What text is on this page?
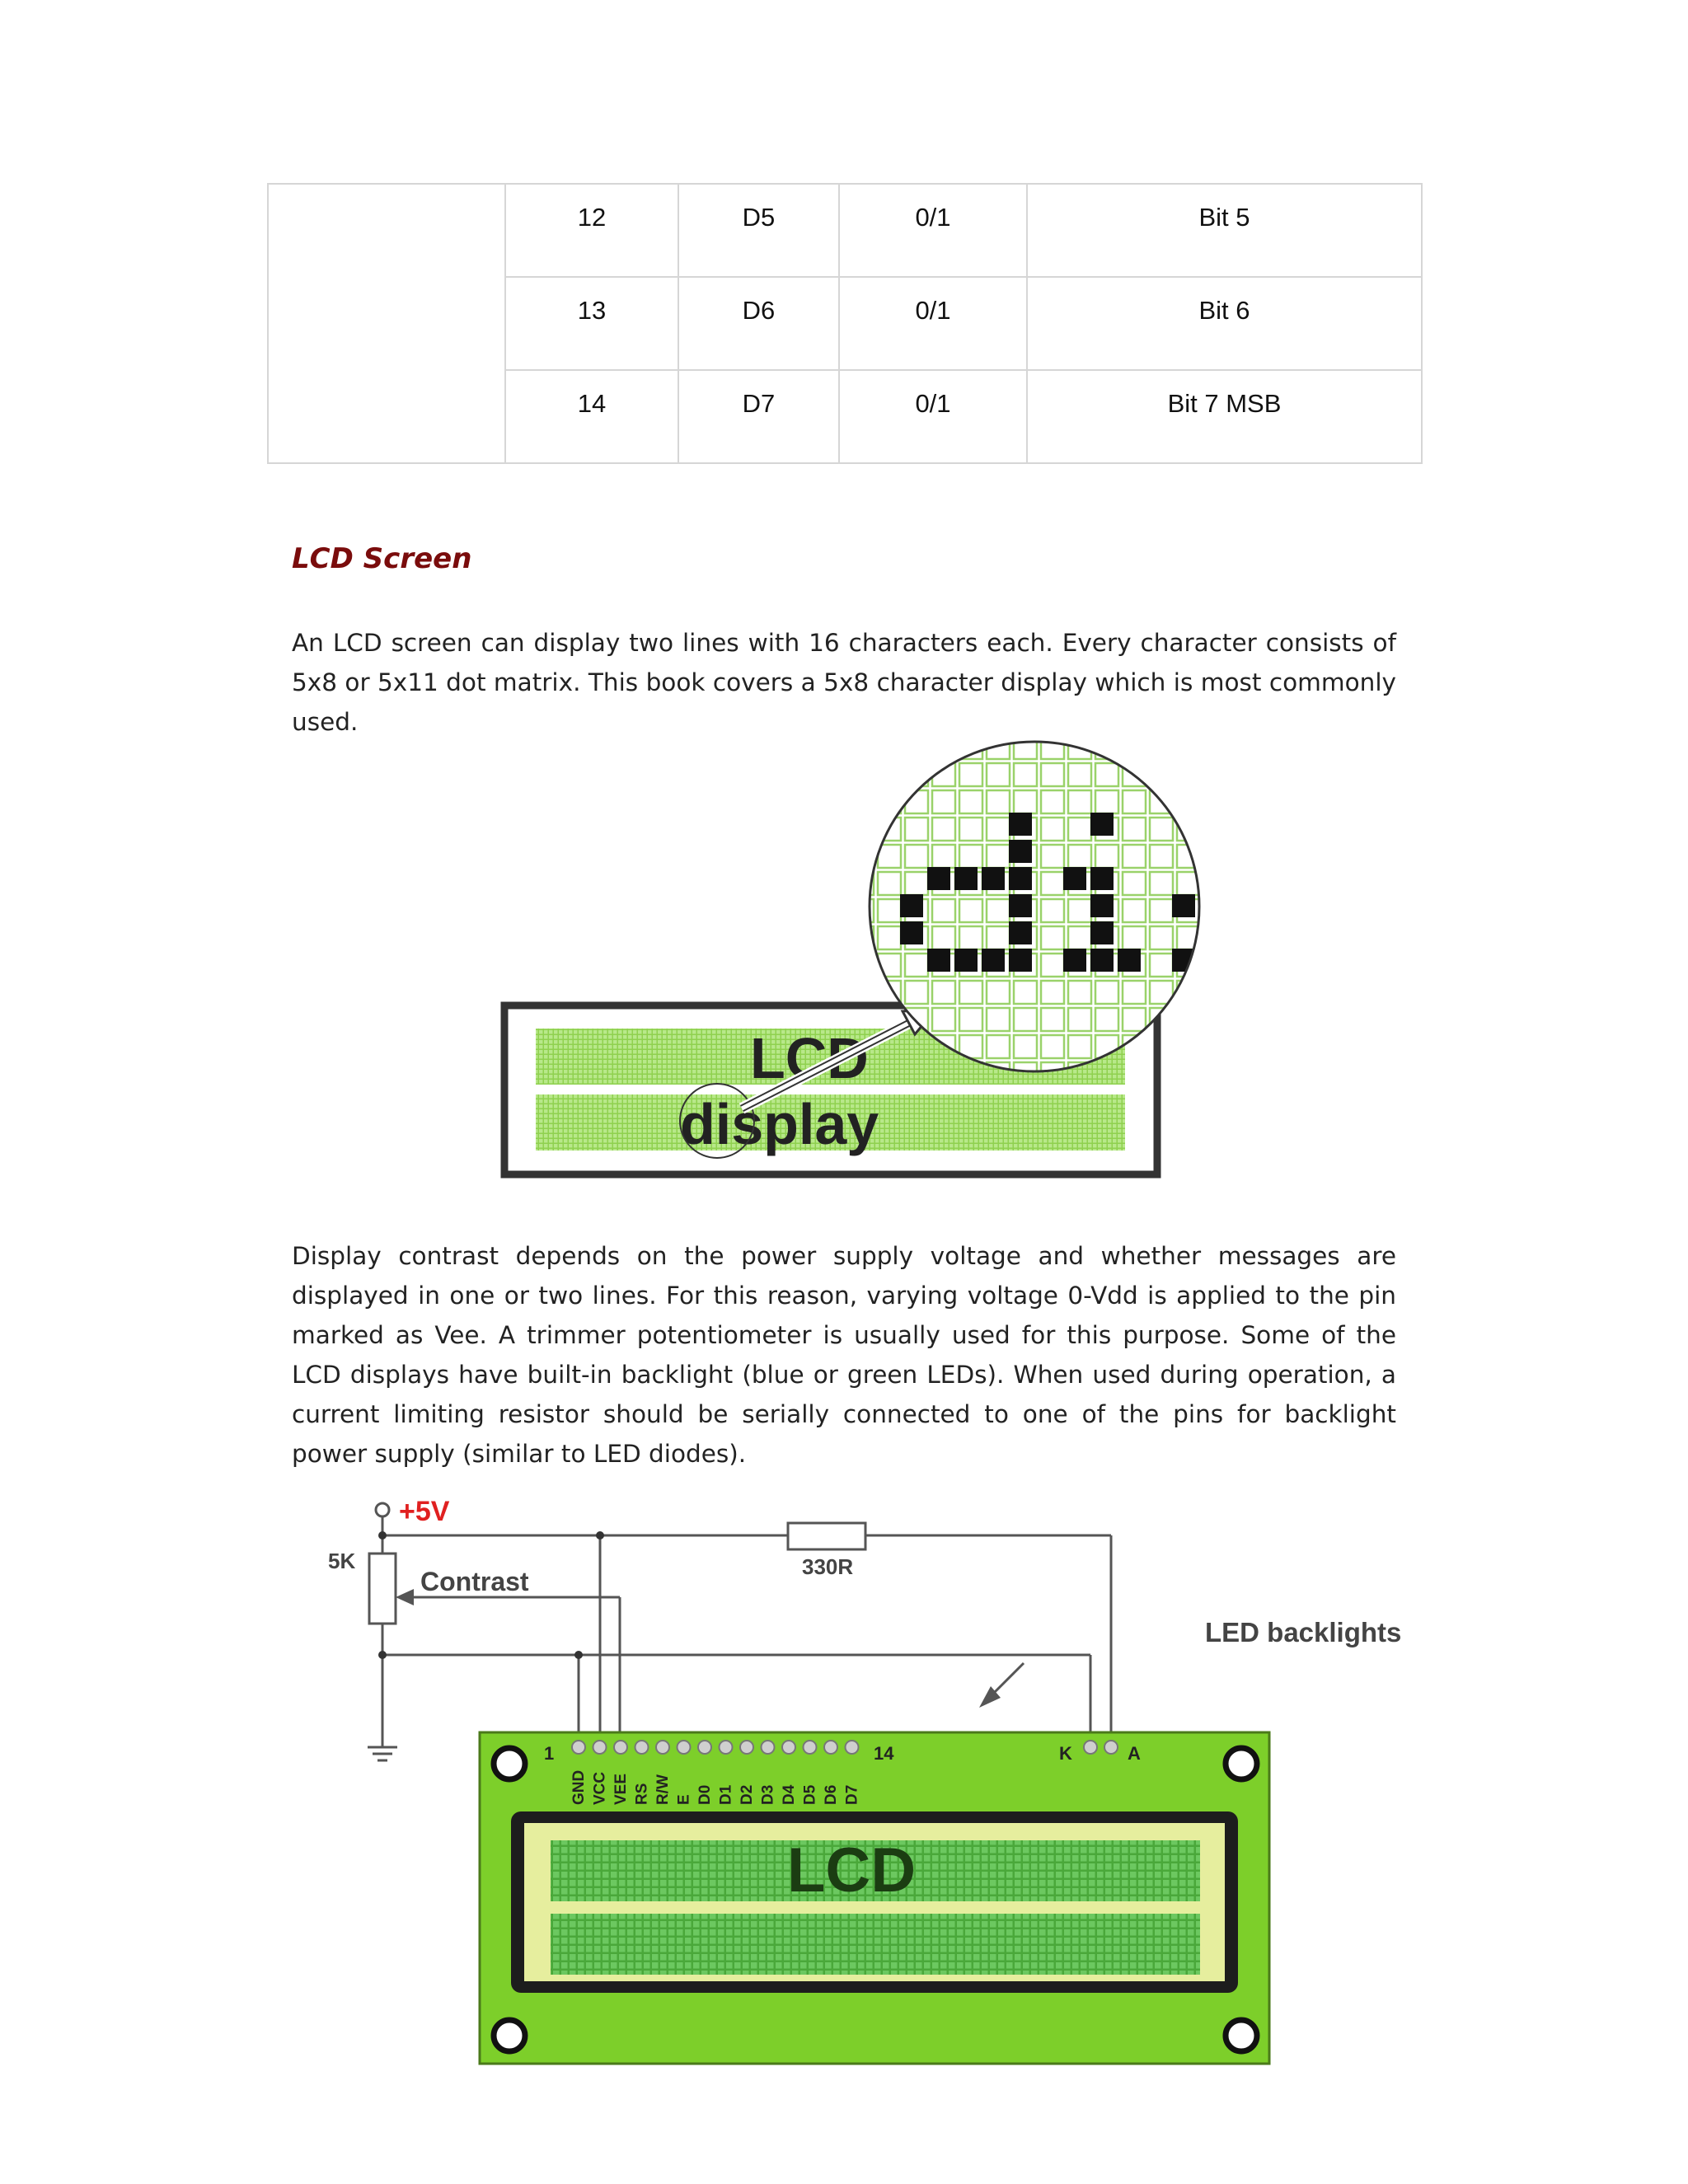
	12	D5	0/1	Bit 5
	13	D6	0/1	Bit 6
	14	D7	0/1	Bit 7 MSB
LCD Screen

An LCD screen can display two lines with 16 characters each. Every character consists of 5x8 or 5x11 dot matrix. This book covers a 5x8 character display which is most commonly used.

LCD
display

Display contrast depends on the power supply voltage and whether messages are displayed in one or two lines. For this reason, varying voltage 0-Vdd is applied to the pin marked as Vee. A trimmer potentiometer is usually used for this purpose. Some of the LCD displays have built-in backlight (blue or green LEDs). When used during operation, a current limiting resistor should be serially connected to one of the pins for backlight power supply (similar to LED diodes).

+5V
5K
Contrast	330R
LED backlights
1	14	K	A
GND VCC VEE RS R/W E D0 D1 D2 D3 D4 D5 D6 D7
LCD
